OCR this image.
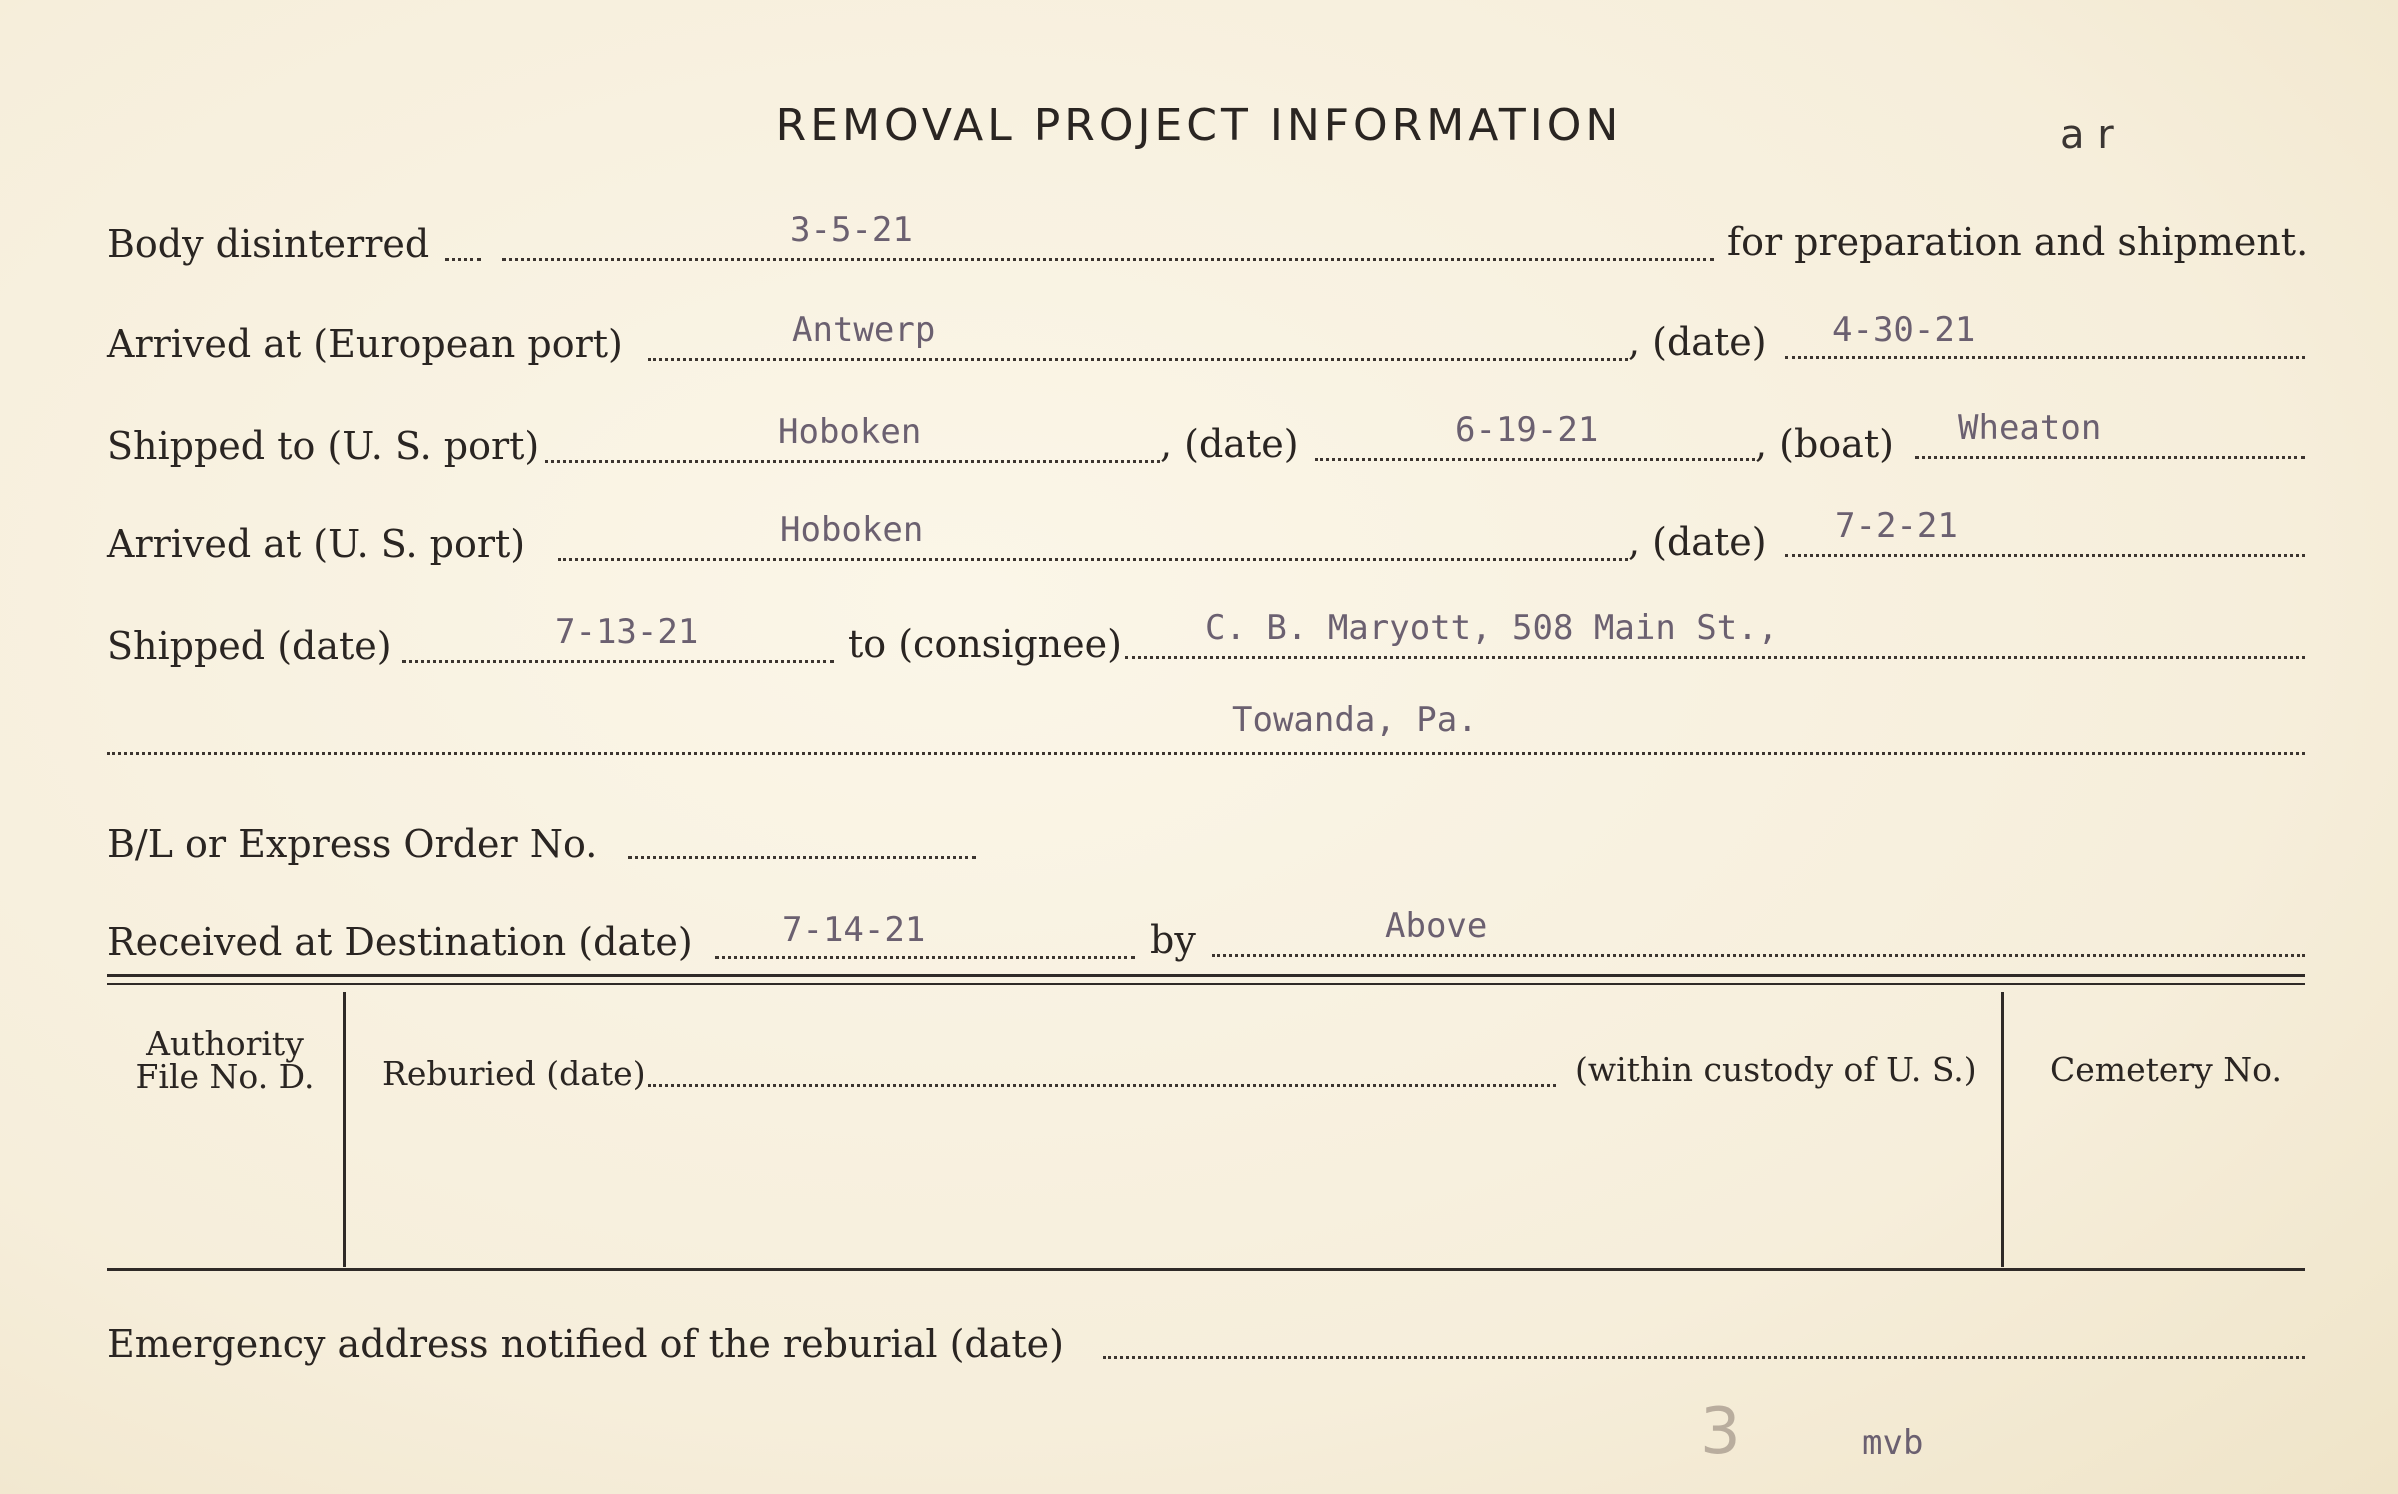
REMOVAL PROJECT INFORMATION	a r
Body disinterred	3-5-21	for preparation and shipment.
Arrived at (European port)	Antwerp	, (date) 4-30-21
Shipped to (U. S. port)	Hoboken	, (date)	6-19-21	, (boat) Wheaton
Arrived at (U. S. port)	Hoboken	, (date) 7-2-21
Shipped (date)	7-13-21	to (consignee) C. B. Maryott, 508 Main St.,
Towanda, Pa.
B/L or Express Order No.
Received at Destination (date)	7-14-21	by	Above
Authority
File No. D.	Reburied (date)	(within custody of U. S.) Cemetery No.
Emergency address notified of the reburial (date)
3	mvb
